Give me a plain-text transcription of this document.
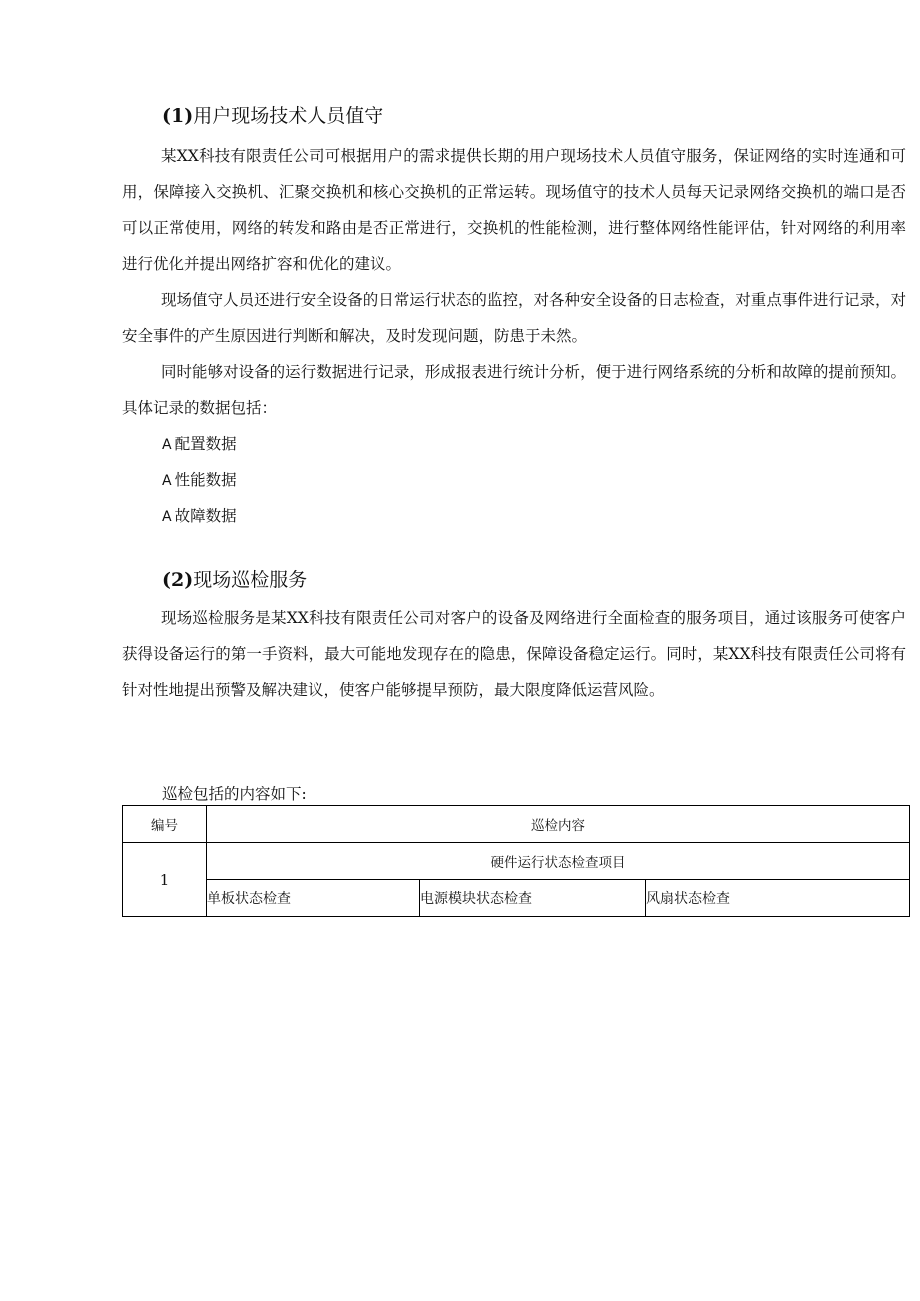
(1)用户现场技术人员值守

某XX科技有限责任公司可根据用户的需求提供长期的用户现场技术人员值守服务，保证网络的实时连通和可用，保障接入交换机、汇聚交换机和核心交换机的正常运转。现场值守的技术人员每天记录网络交换机的端口是否可以正常使用，网络的转发和路由是否正常进行，交换机的性能检测，进行整体网络性能评估，针对网络的利用率进行优化并提出网络扩容和优化的建议。

现场值守人员还进行安全设备的日常运行状态的监控，对各种安全设备的日志检查，对重点事件进行记录，对安全事件的产生原因进行判断和解决，及时发现问题，防患于未然。

同时能够对设备的运行数据进行记录，形成报表进行统计分析，便于进行网络系统的分析和故障的提前预知。具体记录的数据包括：

A 配置数据

A 性能数据

A 故障数据

(2)现场巡检服务

现场巡检服务是某XX科技有限责任公司对客户的设备及网络进行全面检查的服务项目，通过该服务可使客户获得设备运行的第一手资料，最大可能地发现存在的隐患，保障设备稳定运行。同时，某XX科技有限责任公司将有针对性地提出预警及解决建议，使客户能够提早预防，最大限度降低运营风险。

巡检包括的内容如下:

编号	巡检内容		
1	硬件运行状态检查项目		
	单板状态检查	电源模块状态检查	风扇状态检查
